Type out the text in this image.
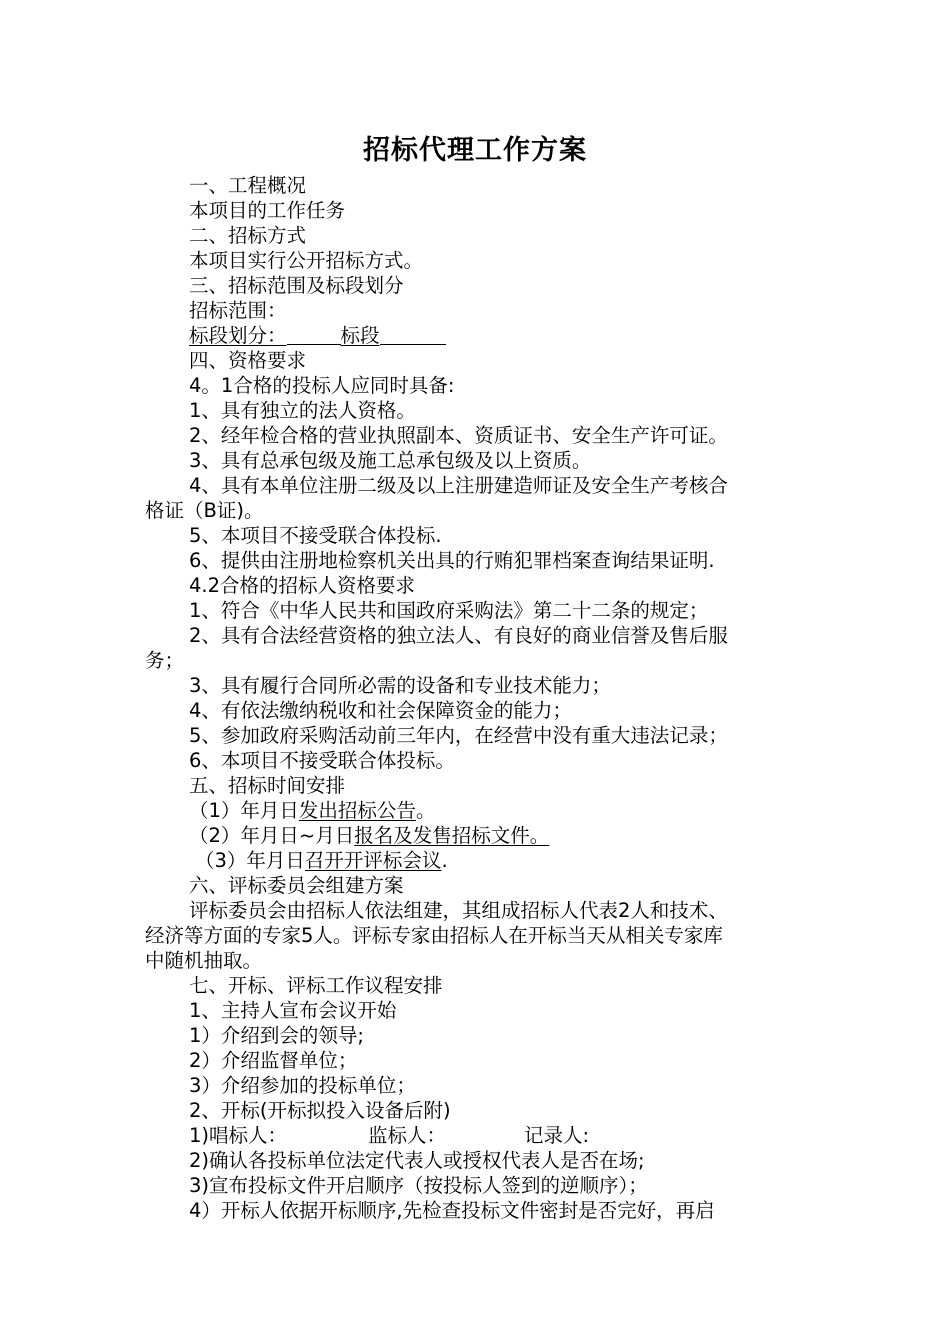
招标代理工作方案
一、工程概况
本项目的工作任务
二、招标方式
本项目实行公开招标方式。
三、招标范围及标段划分
招标范围：
标段划分：	标段
四、资格要求
4。1合格的投标人应同时具备:
1、具有独立的法人资格。
2、经年检合格的营业执照副本、资质证书、安全生产许可证。
3、具有总承包级及施工总承包级及以上资质。
4、具有本单位注册二级及以上注册建造师证及安全生产考核合
格证（B证)。
5、本项目不接受联合体投标.
6、提供由注册地检察机关出具的行贿犯罪档案查询结果证明.
4.2合格的招标人资格要求
1、符合《中华人民共和国政府采购法》第二十二条的规定；
2、具有合法经营资格的独立法人、有良好的商业信誉及售后服
务；
3、具有履行合同所必需的设备和专业技术能力；
4、有依法缴纳税收和社会保障资金的能力；
5、参加政府采购活动前三年内，在经营中没有重大违法记录；
6、本项目不接受联合体投标。
五、招标时间安排
（1）年月日发出招标公告。
（2）年月日~月日报名及发售招标文件。
（3）年月日召开开评标会议.
六、评标委员会组建方案
评标委员会由招标人依法组建，其组成招标人代表2人和技术、
经济等方面的专家5人。评标专家由招标人在开标当天从相关专家库
中随机抽取。
七、开标、评标工作议程安排
1、主持人宣布会议开始
1）介绍到会的领导;
2）介绍监督单位；
3）介绍参加的投标单位；
2、开标(开标拟投入设备后附)
1)唱标人：	监标人：	记录人:
2)确认各投标单位法定代表人或授权代表人是否在场;
3)宣布投标文件开启顺序（按投标人签到的逆顺序）；
4）开标人依据开标顺序,先检查投标文件密封是否完好，再启
